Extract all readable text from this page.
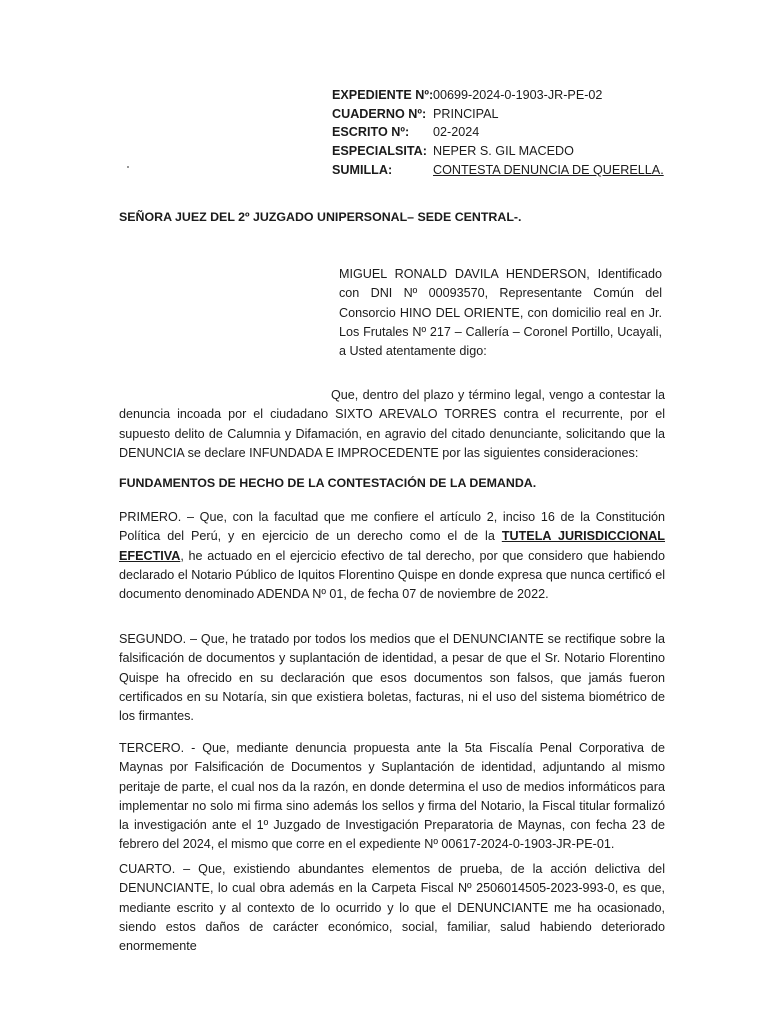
EXPEDIENTE Nº: 00699-2024-0-1903-JR-PE-02
CUADERNO Nº: PRINCIPAL
ESCRITO Nº:	02-2024
ESPECIALSITA: NEPER S. GIL MACEDO
SUMILLA:	CONTESTA DENUNCIA DE QUERELLA.
SEÑORA JUEZ DEL 2º JUZGADO UNIPERSONAL– SEDE CENTRAL-.
MIGUEL RONALD DAVILA HENDERSON, Identificado con DNI Nº 00093570, Representante Común del Consorcio HINO DEL ORIENTE, con domicilio real en Jr. Los Frutales Nº 217 – Callería – Coronel Portillo, Ucayali, a Usted atentamente digo:
Que, dentro del plazo y término legal, vengo a contestar la denuncia incoada por el ciudadano SIXTO AREVALO TORRES contra el recurrente, por el supuesto delito de Calumnia y Difamación, en agravio del citado denunciante, solicitando que la DENUNCIA se declare INFUNDADA E IMPROCEDENTE por las siguientes consideraciones:
FUNDAMENTOS DE HECHO DE LA CONTESTACIÓN DE LA DEMANDA.
PRIMERO. – Que, con la facultad que me confiere el artículo 2, inciso 16 de la Constitución Política del Perú, y en ejercicio de un derecho como el de la TUTELA JURISDICCIONAL EFECTIVA, he actuado en el ejercicio efectivo de tal derecho, por que considero que habiendo declarado el Notario Público de Iquitos Florentino Quispe en donde expresa que nunca certificó el documento denominado ADENDA Nº 01, de fecha 07 de noviembre de 2022.
SEGUNDO. – Que, he tratado por todos los medios que el DENUNCIANTE se rectifique sobre la falsificación de documentos y suplantación de identidad, a pesar de que el Sr. Notario Florentino Quispe ha ofrecido en su declaración que esos documentos son falsos, que jamás fueron certificados en su Notaría, sin que existiera boletas, facturas, ni el uso del sistema biométrico de los firmantes.
TERCERO. - Que, mediante denuncia propuesta ante la 5ta Fiscalía Penal Corporativa de Maynas por Falsificación de Documentos y Suplantación de identidad, adjuntando al mismo peritaje de parte, el cual nos da la razón, en donde determina el uso de medios informáticos para implementar no solo mi firma sino además los sellos y firma del Notario, la Fiscal titular formalizó la investigación ante el 1º Juzgado de Investigación Preparatoria de Maynas, con fecha 23 de febrero del 2024, el mismo que corre en el expediente Nº 00617-2024-0-1903-JR-PE-01.
CUARTO. – Que, existiendo abundantes elementos de prueba, de la acción delictiva del DENUNCIANTE, lo cual obra además en la Carpeta Fiscal Nº 2506014505-2023-993-0, es que, mediante escrito y al contexto de lo ocurrido y lo que el DENUNCIANTE me ha ocasionado, siendo estos daños de carácter económico, social, familiar, salud habiendo deteriorado enormemente
